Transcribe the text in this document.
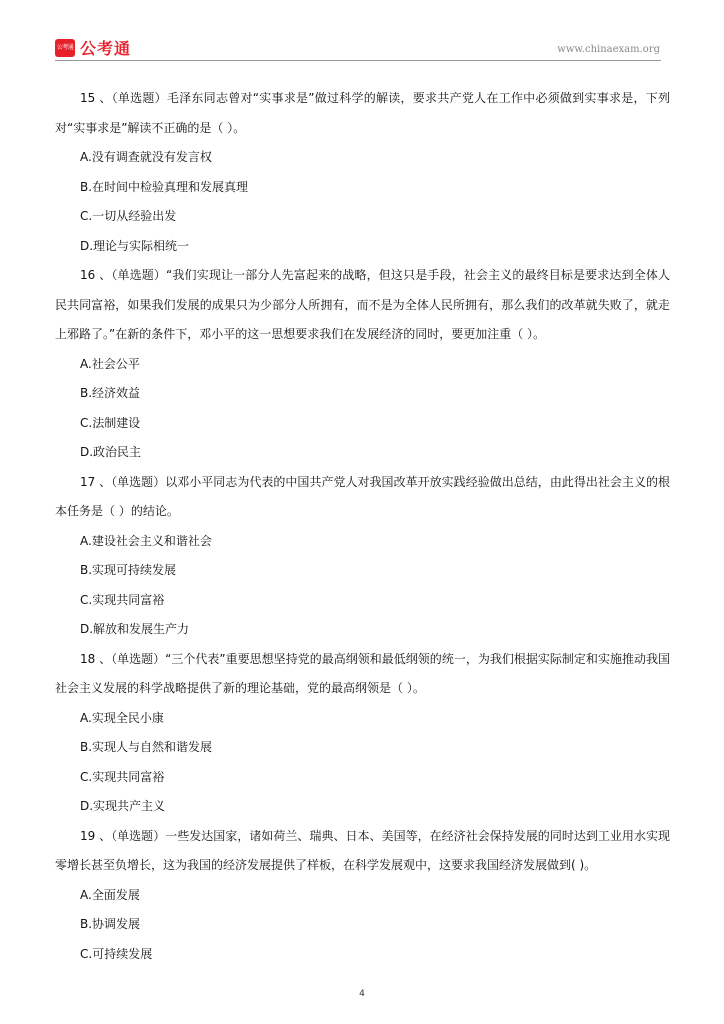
公考通 公考通	www.chinaexam.org

15 、（单选题）毛泽东同志曾对“实事求是”做过科学的解读，要求共产党人在工作中必须做到实事求是，下列对“实事求是”解读不正确的是（ ）。

A.没有调查就没有发言权

B.在时间中检验真理和发展真理

C.一切从经验出发

D.理论与实际相统一

16 、（单选题）“我们实现让一部分人先富起来的战略，但这只是手段，社会主义的最终目标是要求达到全体人民共同富裕，如果我们发展的成果只为少部分人所拥有，而不是为全体人民所拥有，那么我们的改革就失败了，就走上邪路了。”在新的条件下，邓小平的这一思想要求我们在发展经济的同时，要更加注重（ ）。

A.社会公平

B.经济效益

C.法制建设

D.政治民主

17 、（单选题）以邓小平同志为代表的中国共产党人对我国改革开放实践经验做出总结，由此得出社会主义的根本任务是（ ）的结论。

A.建设社会主义和谐社会

B.实现可持续发展

C.实现共同富裕

D.解放和发展生产力

18 、（单选题）“三个代表”重要思想坚持党的最高纲领和最低纲领的统一，为我们根据实际制定和实施推动我国社会主义发展的科学战略提供了新的理论基础，党的最高纲领是（ ）。

A.实现全民小康

B.实现人与自然和谐发展

C.实现共同富裕

D.实现共产主义

19 、（单选题）一些发达国家，诸如荷兰、瑞典、日本、美国等，在经济社会保持发展的同时达到工业用水实现零增长甚至负增长，这为我国的经济发展提供了样板，在科学发展观中，这要求我国经济发展做到( )。

A.全面发展

B.协调发展

C.可持续发展

4
